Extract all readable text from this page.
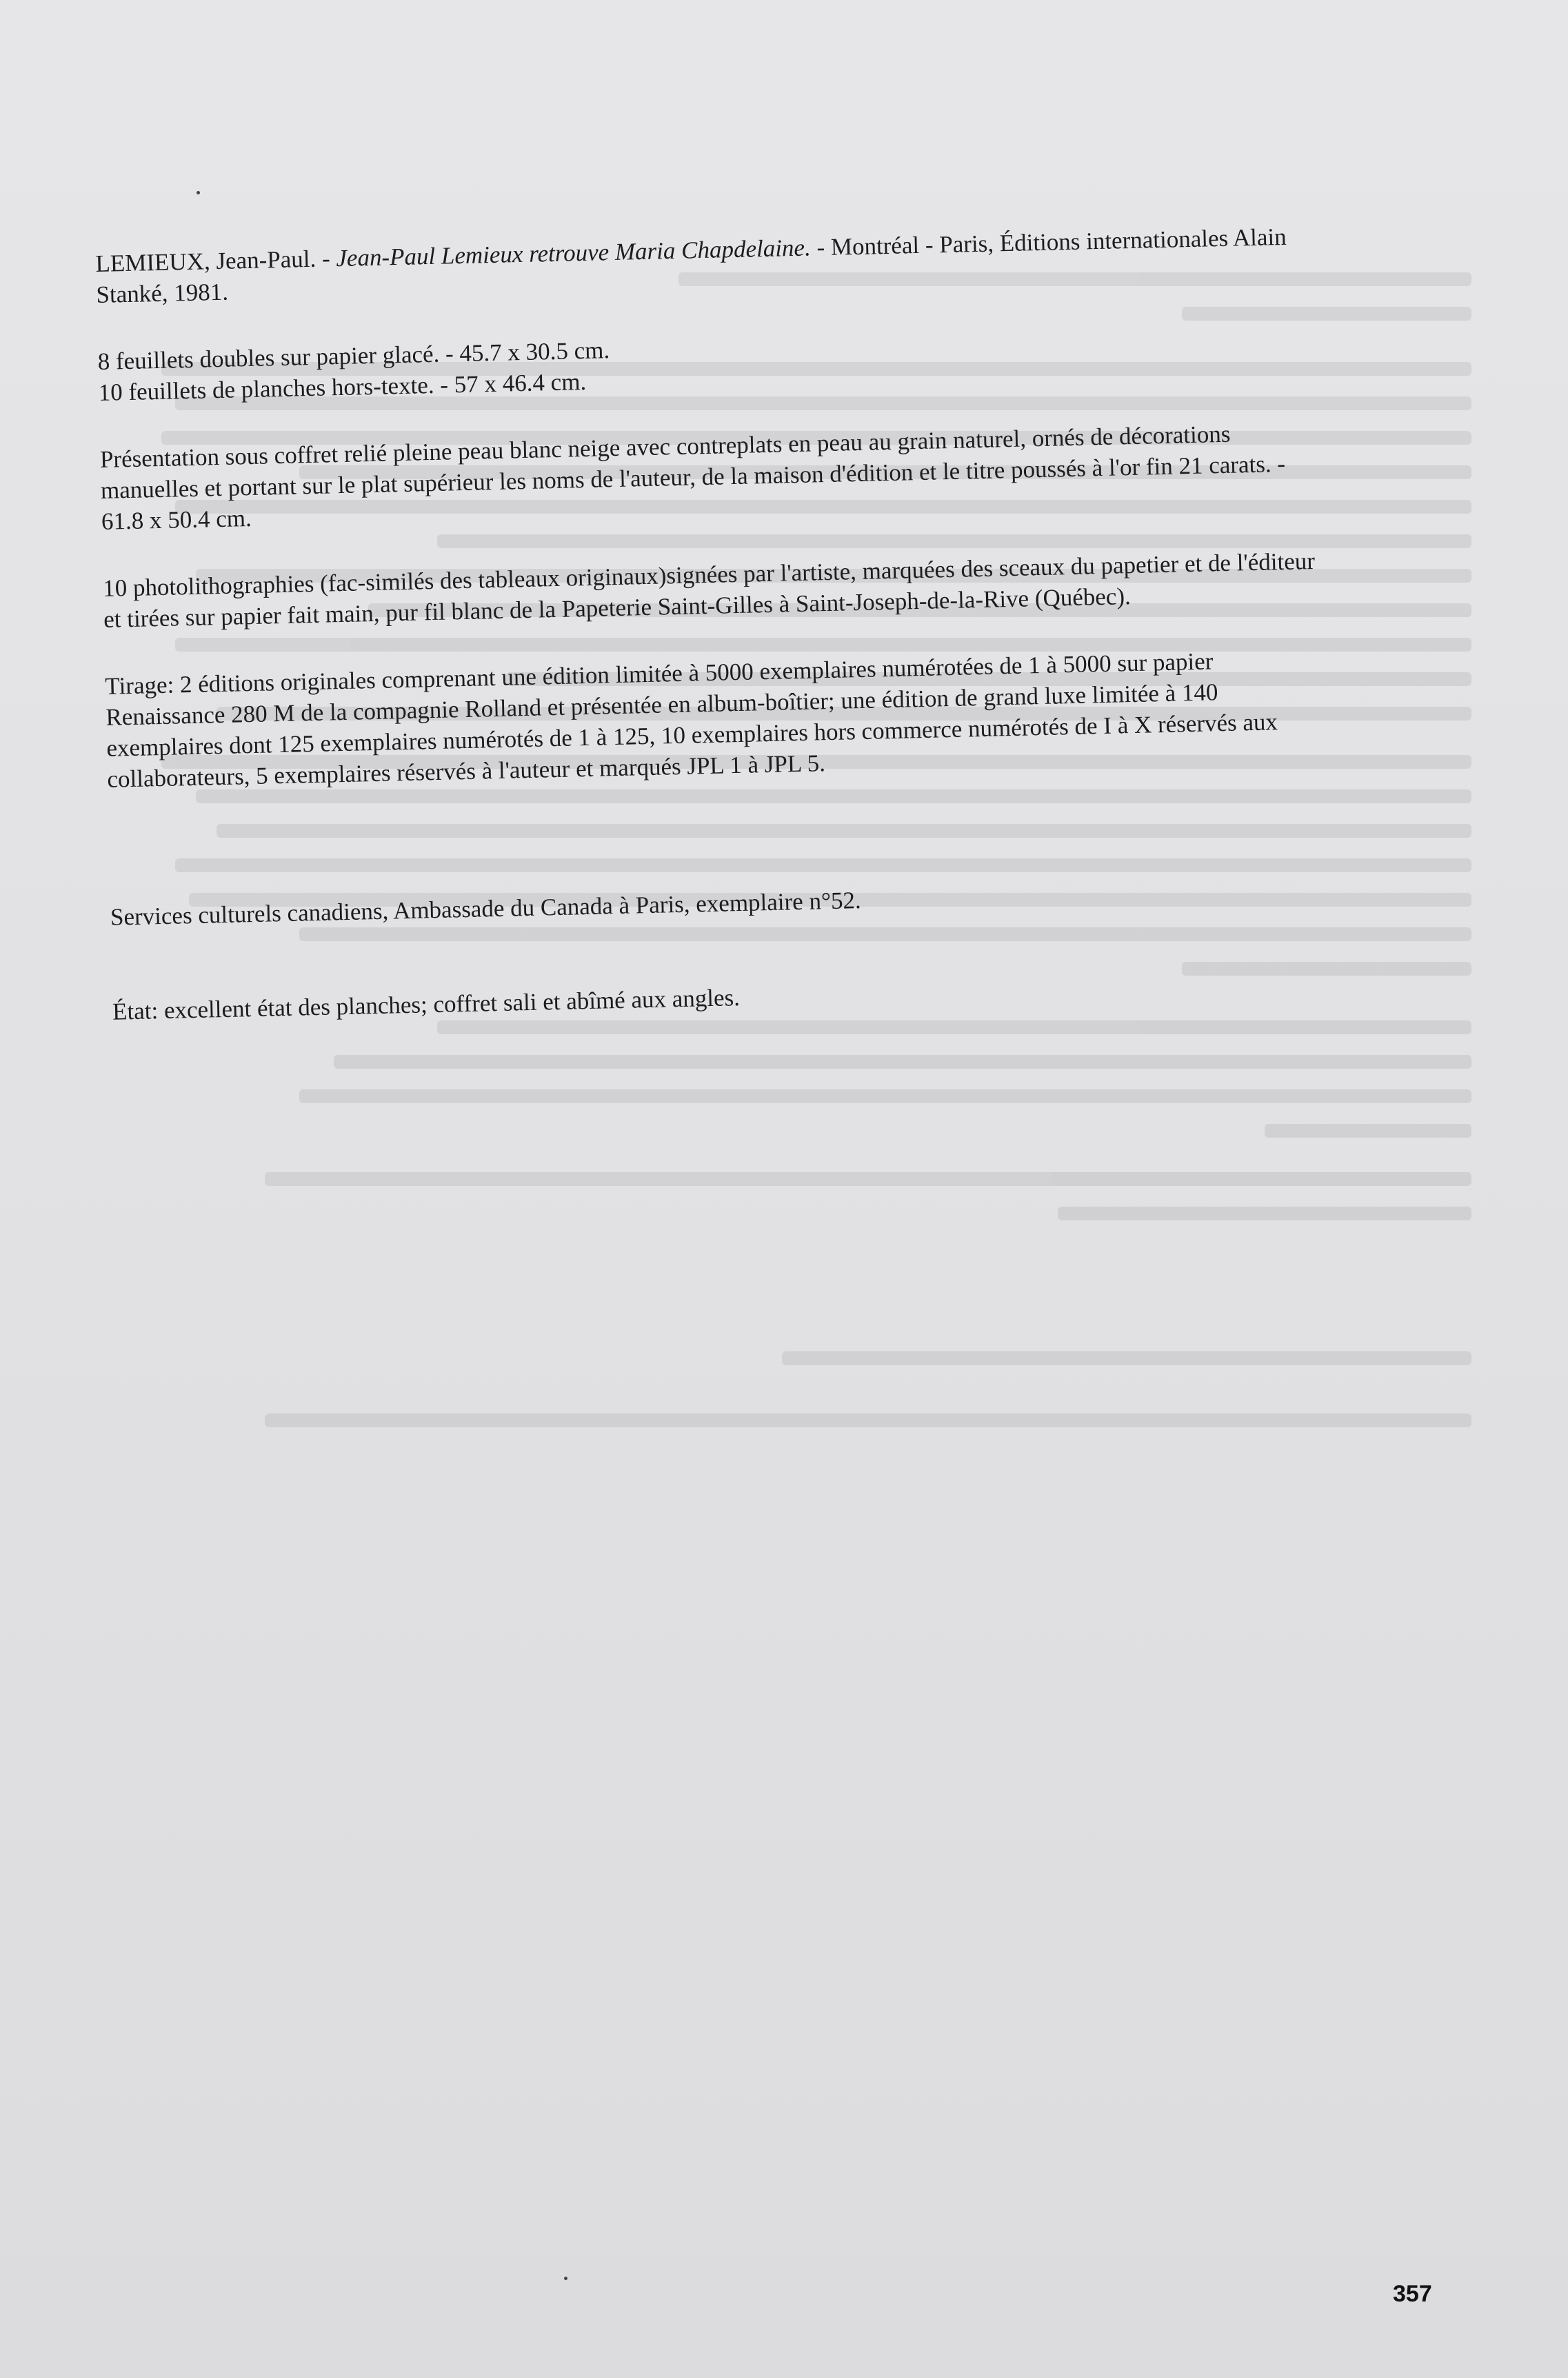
LEMIEUX, Jean-Paul. - Jean-Paul Lemieux retrouve Maria Chapdelaine. - Montréal - Paris, Éditions internationales Alain Stanké, 1981.

8 feuillets doubles sur papier glacé. - 45.7 x 30.5 cm.
10 feuillets de planches hors-texte. - 57 x 46.4 cm.

Présentation sous coffret relié pleine peau blanc neige avec contreplats en peau au grain naturel, ornés de décorations manuelles et portant sur le plat supérieur les noms de l'auteur, de la maison d'édition et le titre poussés à l'or fin 21 carats. - 61.8 x 50.4 cm.

10 photolithographies (fac-similés des tableaux originaux)signées par l'artiste, marquées des sceaux du papetier et de l'éditeur et tirées sur papier fait main, pur fil blanc de la Papeterie Saint-Gilles à Saint-Joseph-de-la-Rive (Québec).

Tirage: 2 éditions originales comprenant une édition limitée à 5000 exemplaires numérotées de 1 à 5000 sur papier Renaissance 280 M de la compagnie Rolland et présentée en album-boîtier; une édition de grand luxe limitée à 140 exemplaires dont 125 exemplaires numérotés de 1 à 125, 10 exemplaires hors commerce numérotés de I à X réservés aux collaborateurs, 5 exemplaires réservés à l'auteur et marqués JPL 1 à JPL 5.

Services culturels canadiens, Ambassade du Canada à Paris, exemplaire n°52.

État: excellent état des planches; coffret sali et abîmé aux angles.

357
